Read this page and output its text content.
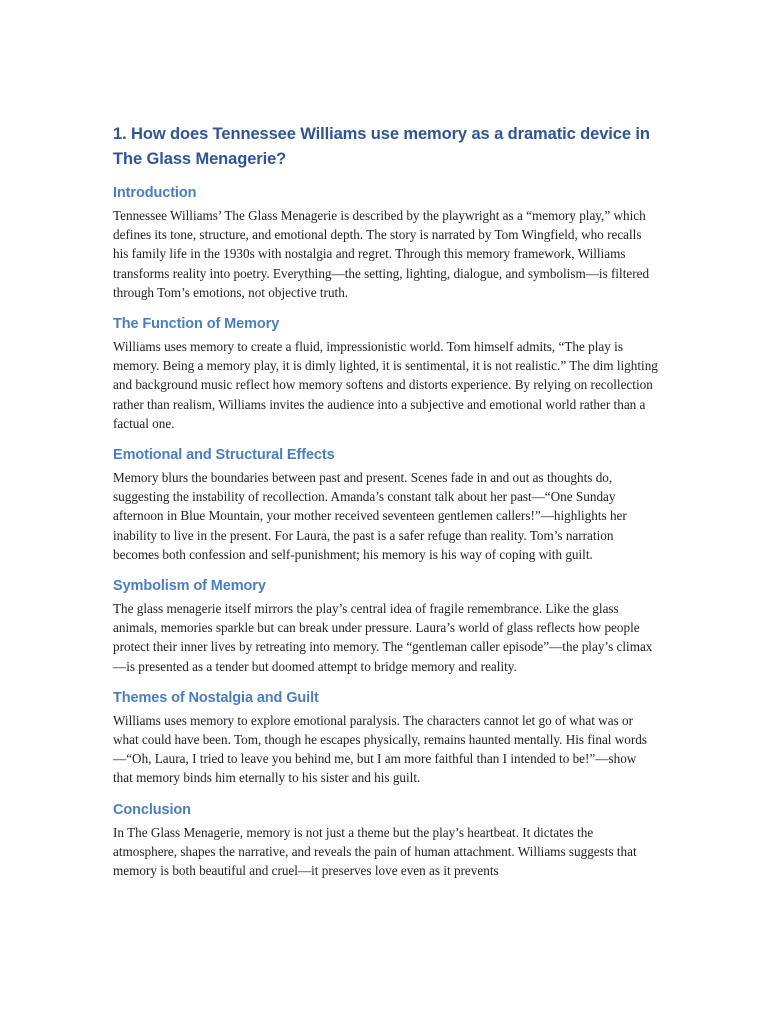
1. How does Tennessee Williams use memory as a dramatic device in The Glass Menagerie?
Introduction

Tennessee Williams’ The Glass Menagerie is described by the playwright as a “memory play,” which defines its tone, structure, and emotional depth. The story is narrated by Tom Wingfield, who recalls his family life in the 1930s with nostalgia and regret. Through this memory framework, Williams transforms reality into poetry. Everything—the setting, lighting, dialogue, and symbolism—is filtered through Tom’s emotions, not objective truth.

The Function of Memory

Williams uses memory to create a fluid, impressionistic world. Tom himself admits, “The play is memory. Being a memory play, it is dimly lighted, it is sentimental, it is not realistic.” The dim lighting and background music reflect how memory softens and distorts experience. By relying on recollection rather than realism, Williams invites the audience into a subjective and emotional world rather than a factual one.

Emotional and Structural Effects

Memory blurs the boundaries between past and present. Scenes fade in and out as thoughts do, suggesting the instability of recollection. Amanda’s constant talk about her past—“One Sunday afternoon in Blue Mountain, your mother received seventeen gentlemen callers!”—highlights her inability to live in the present. For Laura, the past is a safer refuge than reality. Tom’s narration becomes both confession and self-punishment; his memory is his way of coping with guilt.

Symbolism of Memory

The glass menagerie itself mirrors the play’s central idea of fragile remembrance. Like the glass animals, memories sparkle but can break under pressure. Laura’s world of glass reflects how people protect their inner lives by retreating into memory. The “gentleman caller episode”—the play’s climax—is presented as a tender but doomed attempt to bridge memory and reality.

Themes of Nostalgia and Guilt

Williams uses memory to explore emotional paralysis. The characters cannot let go of what was or what could have been. Tom, though he escapes physically, remains haunted mentally. His final words—“Oh, Laura, I tried to leave you behind me, but I am more faithful than I intended to be!”—show that memory binds him eternally to his sister and his guilt.

Conclusion

In The Glass Menagerie, memory is not just a theme but the play’s heartbeat. It dictates the atmosphere, shapes the narrative, and reveals the pain of human attachment. Williams suggests that memory is both beautiful and cruel—it preserves love even as it prevents
